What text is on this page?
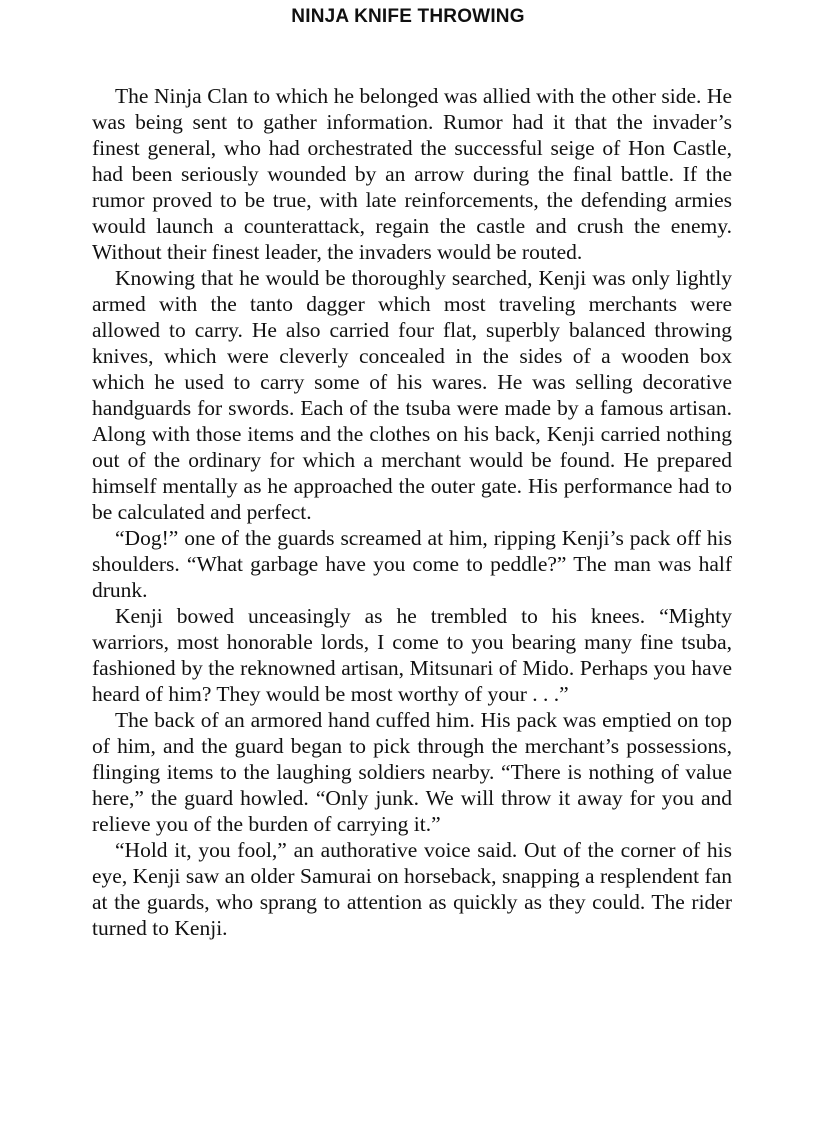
NINJA KNIFE THROWING

The Ninja Clan to which he belonged was allied with the other side. He was being sent to gather information. Rumor had it that the invader’s finest general, who had orchestrated the successful seige of Hon Castle, had been seriously wounded by an arrow during the final battle. If the rumor proved to be true, with late reinforcements, the defending armies would launch a counterattack, regain the castle and crush the enemy. Without their finest leader, the invaders would be routed.

Knowing that he would be thoroughly searched, Kenji was only lightly armed with the tanto dagger which most traveling merchants were allowed to carry. He also carried four flat, superbly balanced throwing knives, which were cleverly concealed in the sides of a wooden box which he used to carry some of his wares. He was selling decorative handguards for swords. Each of the tsuba were made by a famous artisan. Along with those items and the clothes on his back, Kenji carried nothing out of the ordinary for which a merchant would be found. He prepared himself mentally as he approached the outer gate. His performance had to be calculated and perfect.

“Dog!” one of the guards screamed at him, ripping Kenji’s pack off his shoulders. “What garbage have you come to peddle?” The man was half drunk.

Kenji bowed unceasingly as he trembled to his knees. “Mighty warriors, most honorable lords, I come to you bearing many fine tsuba, fashioned by the reknowned artisan, Mitsunari of Mido. Perhaps you have heard of him? They would be most worthy of your . . .”

The back of an armored hand cuffed him. His pack was emptied on top of him, and the guard began to pick through the merchant’s possessions, flinging items to the laughing soldiers nearby. “There is nothing of value here,” the guard howled. “Only junk. We will throw it away for you and relieve you of the burden of carrying it.”

“Hold it, you fool,” an authorative voice said. Out of the corner of his eye, Kenji saw an older Samurai on horseback, snapping a resplendent fan at the guards, who sprang to attention as quickly as they could. The rider turned to Kenji.
